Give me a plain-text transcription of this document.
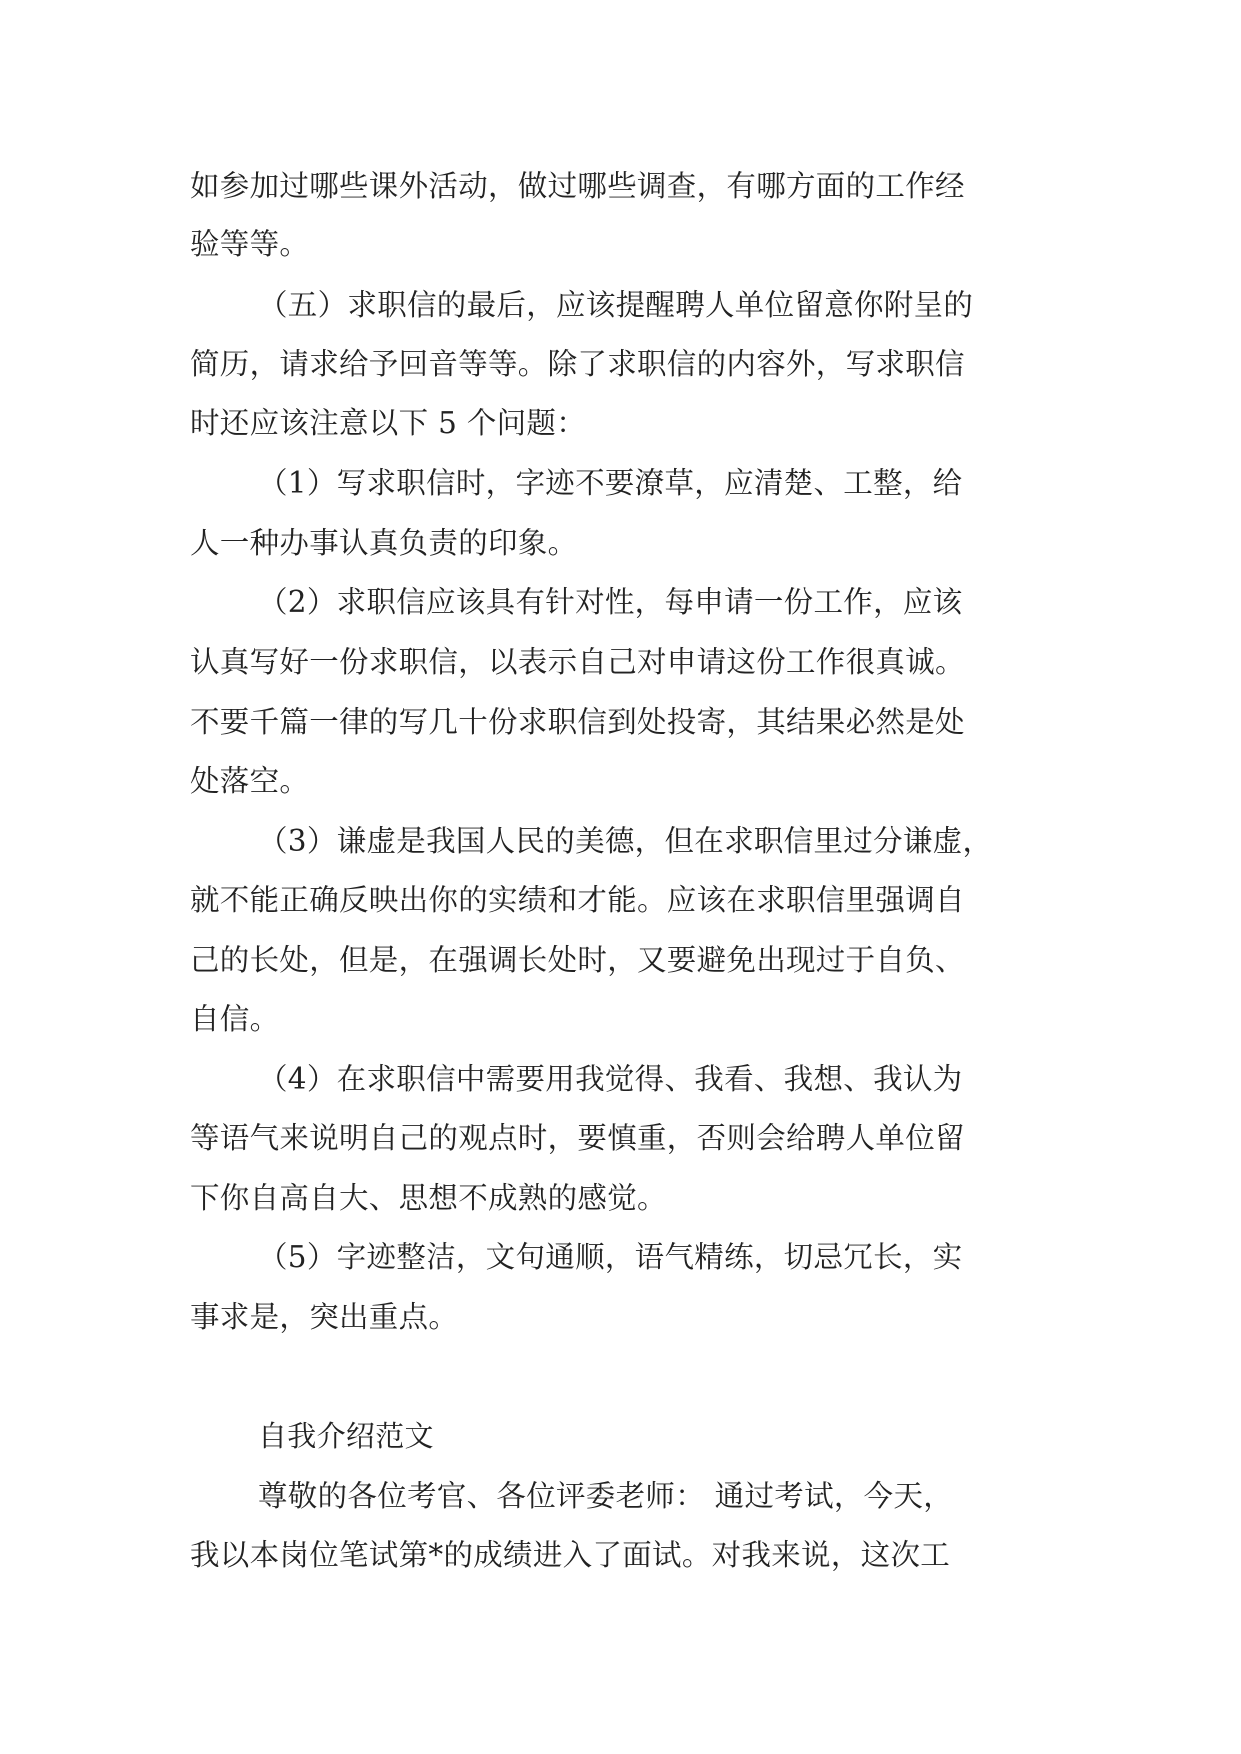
如参加过哪些课外活动，做过哪些调查，有哪方面的工作经
验等等。
（五）求职信的最后，应该提醒聘人单位留意你附呈的
简历，请求给予回音等等。除了求职信的内容外，写求职信
时还应该注意以下 5 个问题：
（1）写求职信时，字迹不要潦草，应清楚、工整，给
人一种办事认真负责的印象。
（2）求职信应该具有针对性，每申请一份工作，应该
认真写好一份求职信，以表示自己对申请这份工作很真诚。
不要千篇一律的写几十份求职信到处投寄，其结果必然是处
处落空。
（3）谦虚是我国人民的美德，但在求职信里过分谦虚，
就不能正确反映出你的实绩和才能。应该在求职信里强调自
己的长处，但是，在强调长处时，又要避免出现过于自负、
自信。
（4）在求职信中需要用我觉得、我看、我想、我认为
等语气来说明自己的观点时，要慎重，否则会给聘人单位留
下你自高自大、思想不成熟的感觉。
（5）字迹整洁，文句通顺，语气精练，切忌冗长，实
事求是，突出重点。
自我介绍范文
尊敬的各位考官、各位评委老师： 通过考试，今天，
我以本岗位笔试第*的成绩进入了面试。对我来说，这次工
